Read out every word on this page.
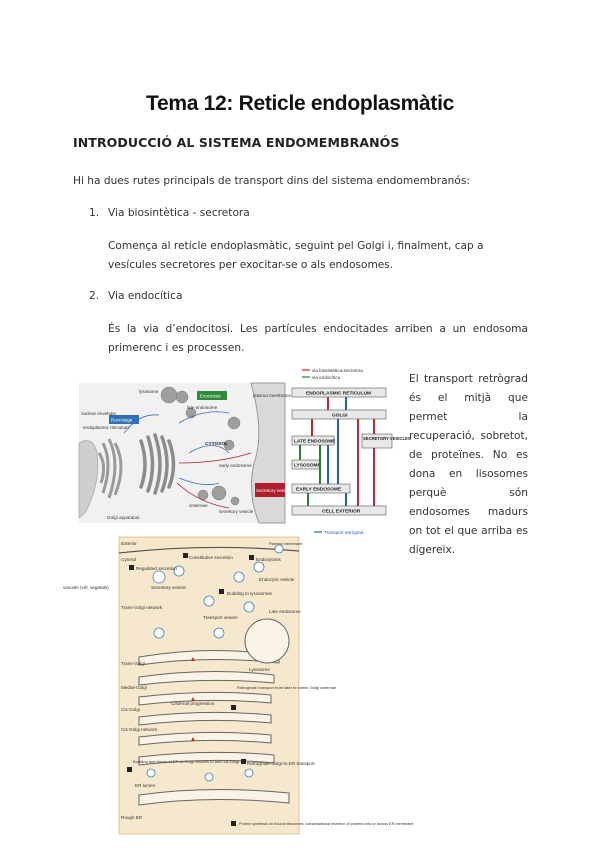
Tema 12: Reticle endoplasmàtic
INTRODUCCIÓ AL SISTEMA ENDOMEMBRANÓS
Hi ha dues rutes principals de transport dins del sistema endomembranós:
1. Via biosintètica - secretora
Comença al reticle endoplasmàtic, seguint pel Golgi i, finalment, cap a vesícules secretores per exocitar-se o als endosomes.
2. Via endocítica
És la via d’endocitosi. Les partícules endocitades arriben a un endosoma primerenc i es processen.
El transport retrògrad és el mitjà que permet la recuperació, sobretot, de proteïnes. No es dona en lisosomes perquè són endosomes madurs on tot el que arriba es digereix.
Exocitosis
Reciclatge
Secretory vesicle
lysosome
plasma membrane
late endosome
nuclear envelope
endoplasmic reticulum
CYTOSOL
early endosome
cisternae
secretory vesicle
Golgi apparatus
via biosintètica-secretora
via endocítica
ENDOPLASMIC RETICULUM
GOLGI
LATE ENDOSOME
SECRETORY VESICLES
LYSOSOME
EARLY ENDOSOME
CELL EXTERIOR
Transport retrògrad
Exterior
Cytosol
Plasma membrane
Constitutive secretion	Endocytosis
Regulated secretion
Secretory vesicle
Endocytic vesicle
Budding to lysosomes
Transport vesicle
Late endosome
vacuole (cél. vegetals)
Trans-Golgi network
Lysosome
Trans-Golgi
Retrograde transport from later to earlier Golgi cisternae
Medial-Golgi
Cisternal progression
Cis-Golgi
Cis-Golgi network
Budding and fusion of ER-to-Golgi vesicles to form cis-Golgi Retrograde Golgi-to-ER transport
ER lumen
Rough ER
Protein synthesis on bound ribosomes; cotranslational insertion of proteins into or across ER membrane
